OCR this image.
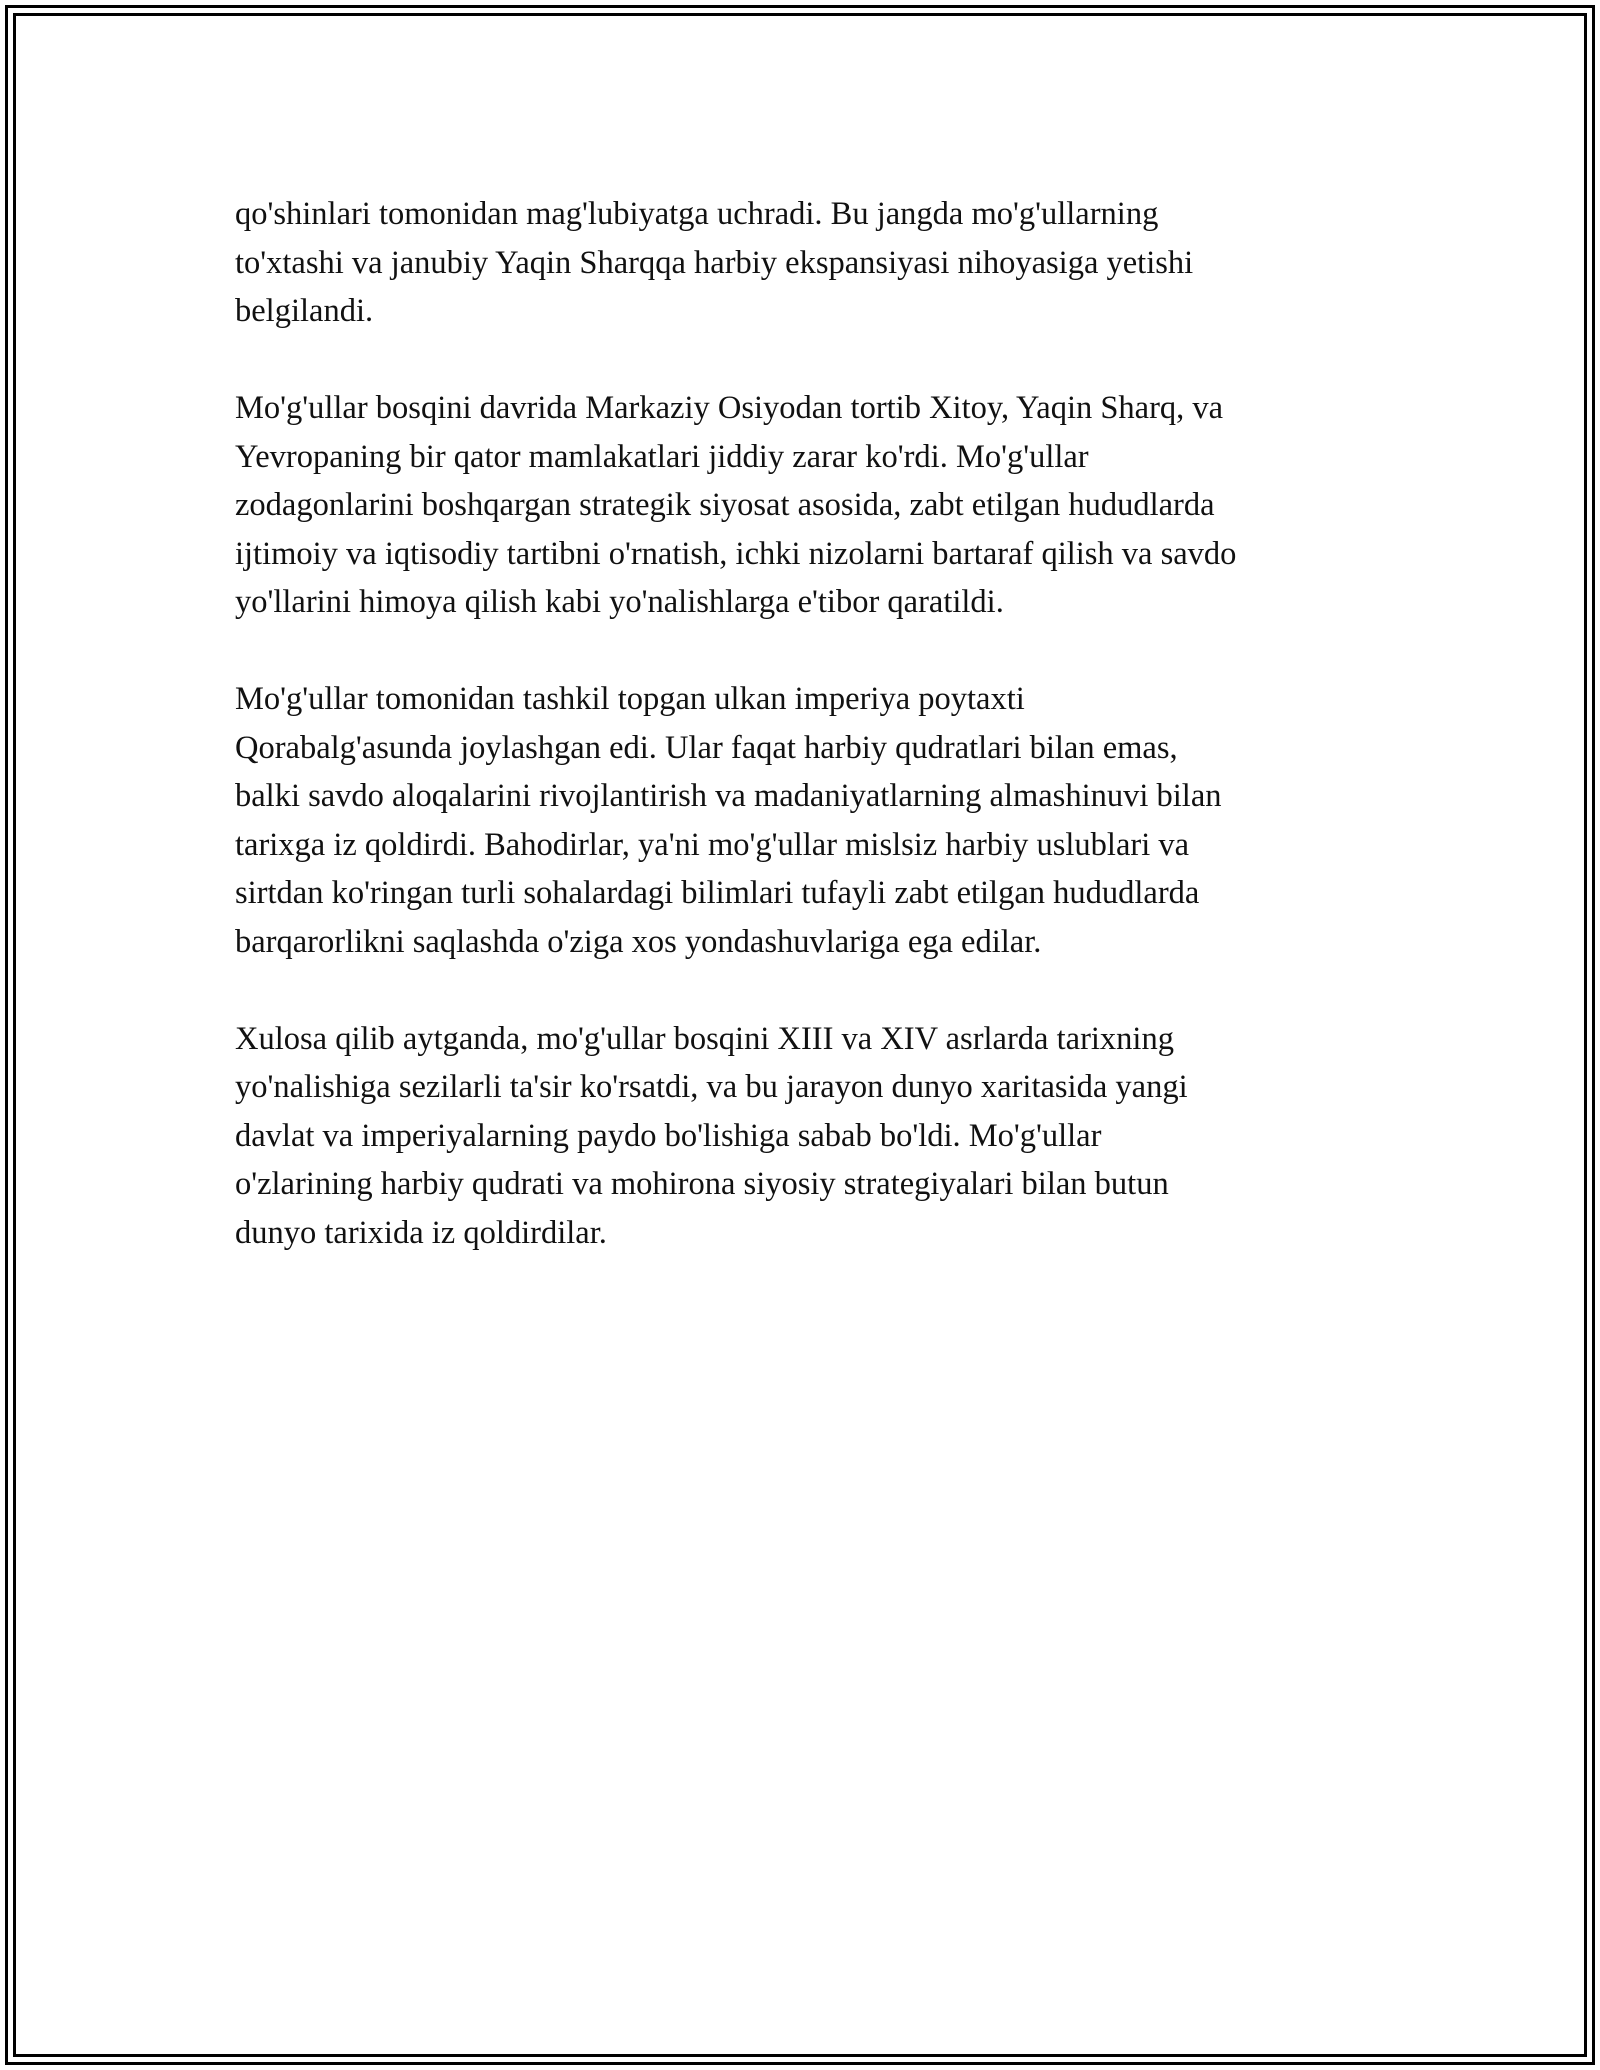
qo'shinlari tomonidan mag'lubiyatga uchradi. Bu jangda mo'g'ullarning
to'xtashi va janubiy Yaqin Sharqqa harbiy ekspansiyasi nihoyasiga yetishi
belgilandi.

Mo'g'ullar bosqini davrida Markaziy Osiyodan tortib Xitoy, Yaqin Sharq, va
Yevropaning bir qator mamlakatlari jiddiy zarar ko'rdi. Mo'g'ullar
zodagonlarini boshqargan strategik siyosat asosida, zabt etilgan hududlarda
ijtimoiy va iqtisodiy tartibni o'rnatish, ichki nizolarni bartaraf qilish va savdo
yo'llarini himoya qilish kabi yo'nalishlarga e'tibor qaratildi.

Mo'g'ullar tomonidan tashkil topgan ulkan imperiya poytaxti
Qorabalg'asunda joylashgan edi. Ular faqat harbiy qudratlari bilan emas,
balki savdo aloqalarini rivojlantirish va madaniyatlarning almashinuvi bilan
tarixga iz qoldirdi. Bahodirlar, ya'ni mo'g'ullar mislsiz harbiy uslublari va
sirtdan ko'ringan turli sohalardagi bilimlari tufayli zabt etilgan hududlarda
barqarorlikni saqlashda o'ziga xos yondashuvlariga ega edilar.

Xulosa qilib aytganda, mo'g'ullar bosqini XIII va XIV asrlarda tarixning
yo'nalishiga sezilarli ta'sir ko'rsatdi, va bu jarayon dunyo xaritasida yangi
davlat va imperiyalarning paydo bo'lishiga sabab bo'ldi. Mo'g'ullar
o'zlarining harbiy qudrati va mohirona siyosiy strategiyalari bilan butun
dunyo tarixida iz qoldirdilar.
